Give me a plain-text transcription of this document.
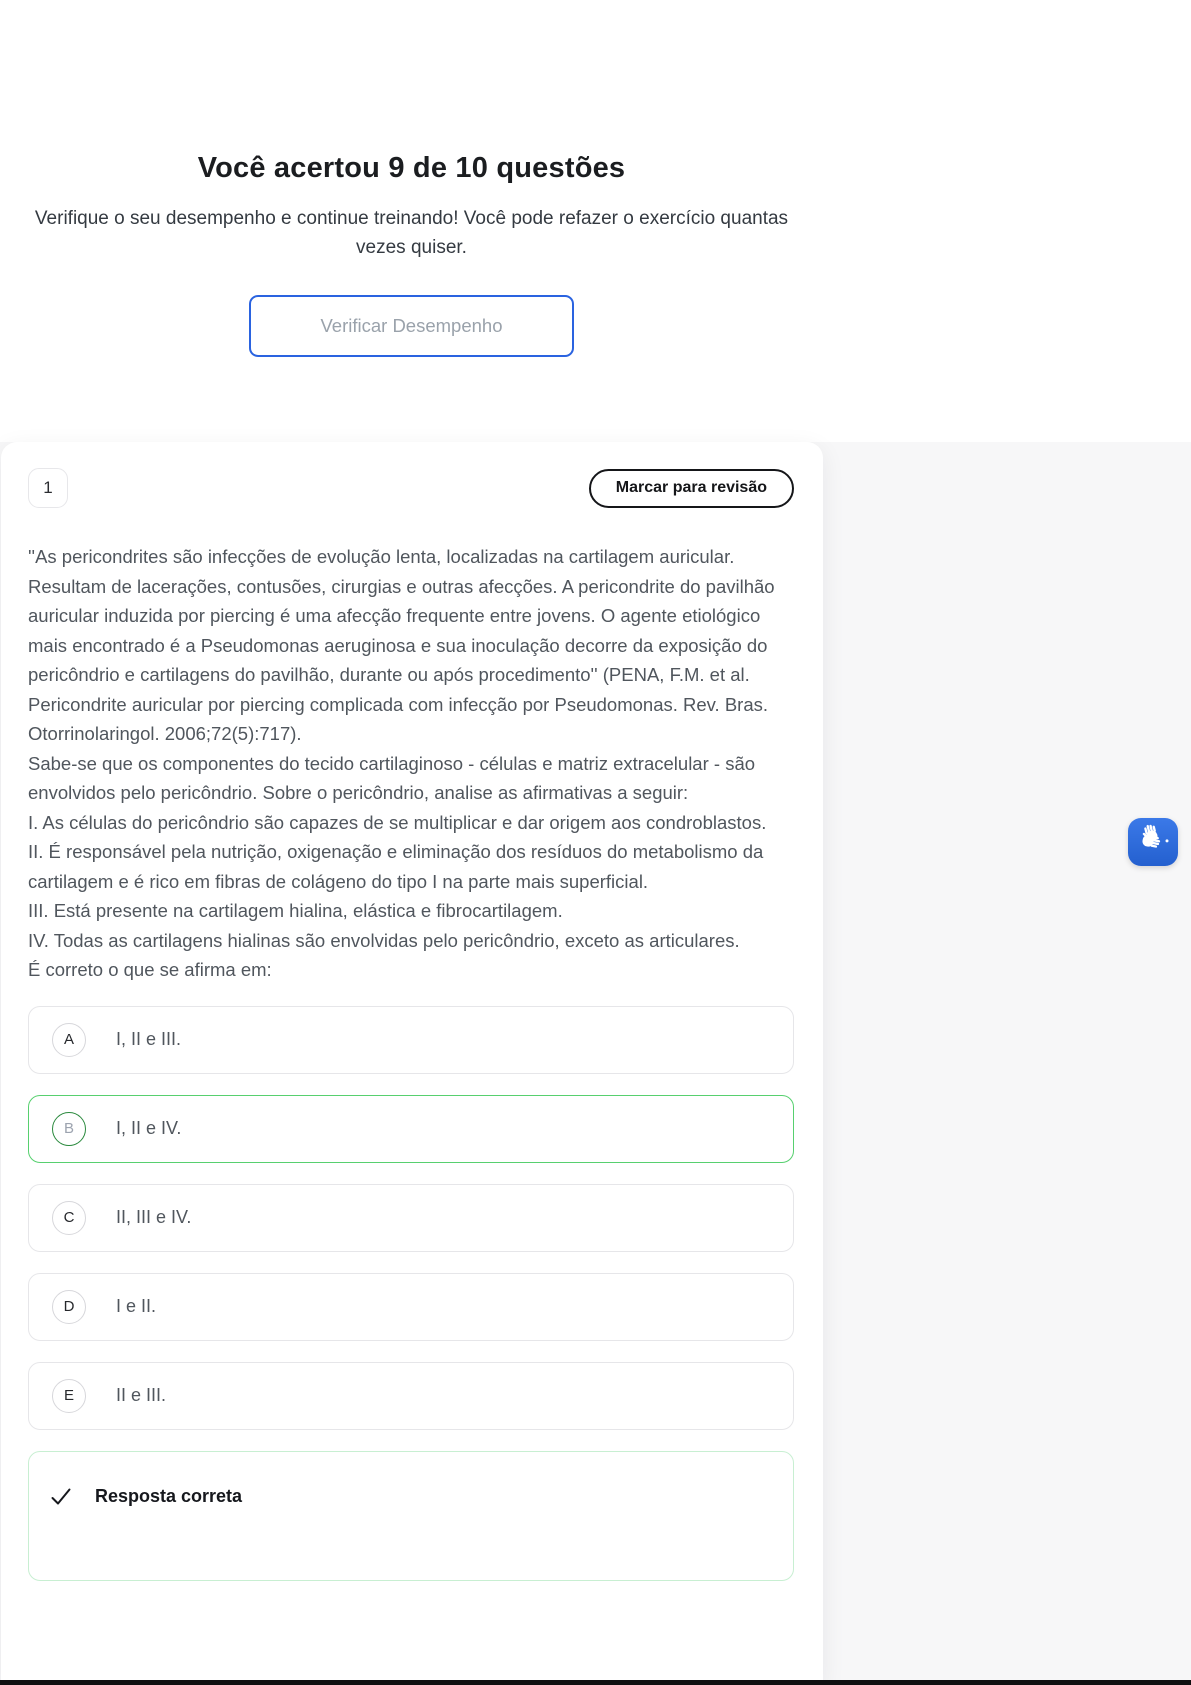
Você acertou 9 de 10 questões

Verifique o seu desempenho e continue treinando! Você pode refazer o exercício quantas vezes quiser.

Verificar Desempenho
1	Marcar para revisão
''As pericondrites são infecções de evolução lenta, localizadas na cartilagem auricular. Resultam de lacerações, contusões, cirurgias e outras afecções. A pericondrite do pavilhão auricular induzida por piercing é uma afecção frequente entre jovens. O agente etiológico mais encontrado é a Pseudomonas aeruginosa e sua inoculação decorre da exposição do pericôndrio e cartilagens do pavilhão, durante ou após procedimento'' (PENA, F.M. et al. Pericondrite auricular por piercing complicada com infecção por Pseudomonas. Rev. Bras. Otorrinolaringol. 2006;72(5):717).
Sabe-se que os componentes do tecido cartilaginoso - células e matriz extracelular - são envolvidos pelo pericôndrio. Sobre o pericôndrio, analise as afirmativas a seguir:
I. As células do pericôndrio são capazes de se multiplicar e dar origem aos condroblastos.
II. É responsável pela nutrição, oxigenação e eliminação dos resíduos do metabolismo da cartilagem e é rico em fibras de colágeno do tipo I na parte mais superficial.
III. Está presente na cartilagem hialina, elástica e fibrocartilagem.
IV. Todas as cartilagens hialinas são envolvidas pelo pericôndrio, exceto as articulares.
É correto o que se afirma em:
A	I, II e III.
B	I, II e IV.
C	II, III e IV.
D	I e II.
E	II e III.
Resposta correta
